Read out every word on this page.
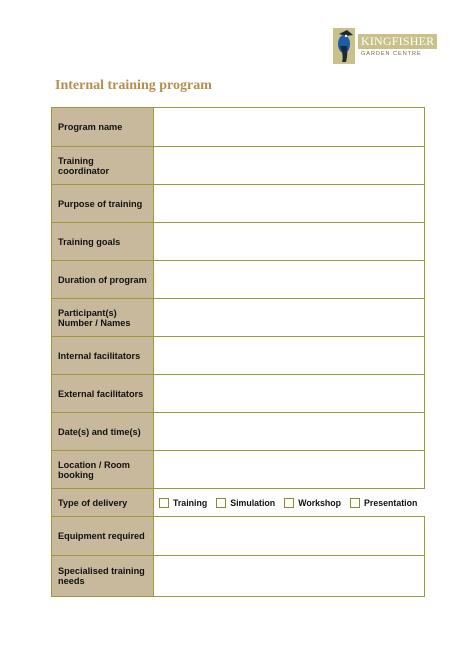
KINGFISHER
GARDEN CENTRE
Internal training program
Program name
Training coordinator
Purpose of training
Training goals
Duration of program
Participant(s) Number / Names
Internal facilitators
External facilitators
Date(s) and time(s)
Location / Room booking
Type of delivery	Training	Simulation	Workshop	Presentation
Equipment required
Specialised training needs
